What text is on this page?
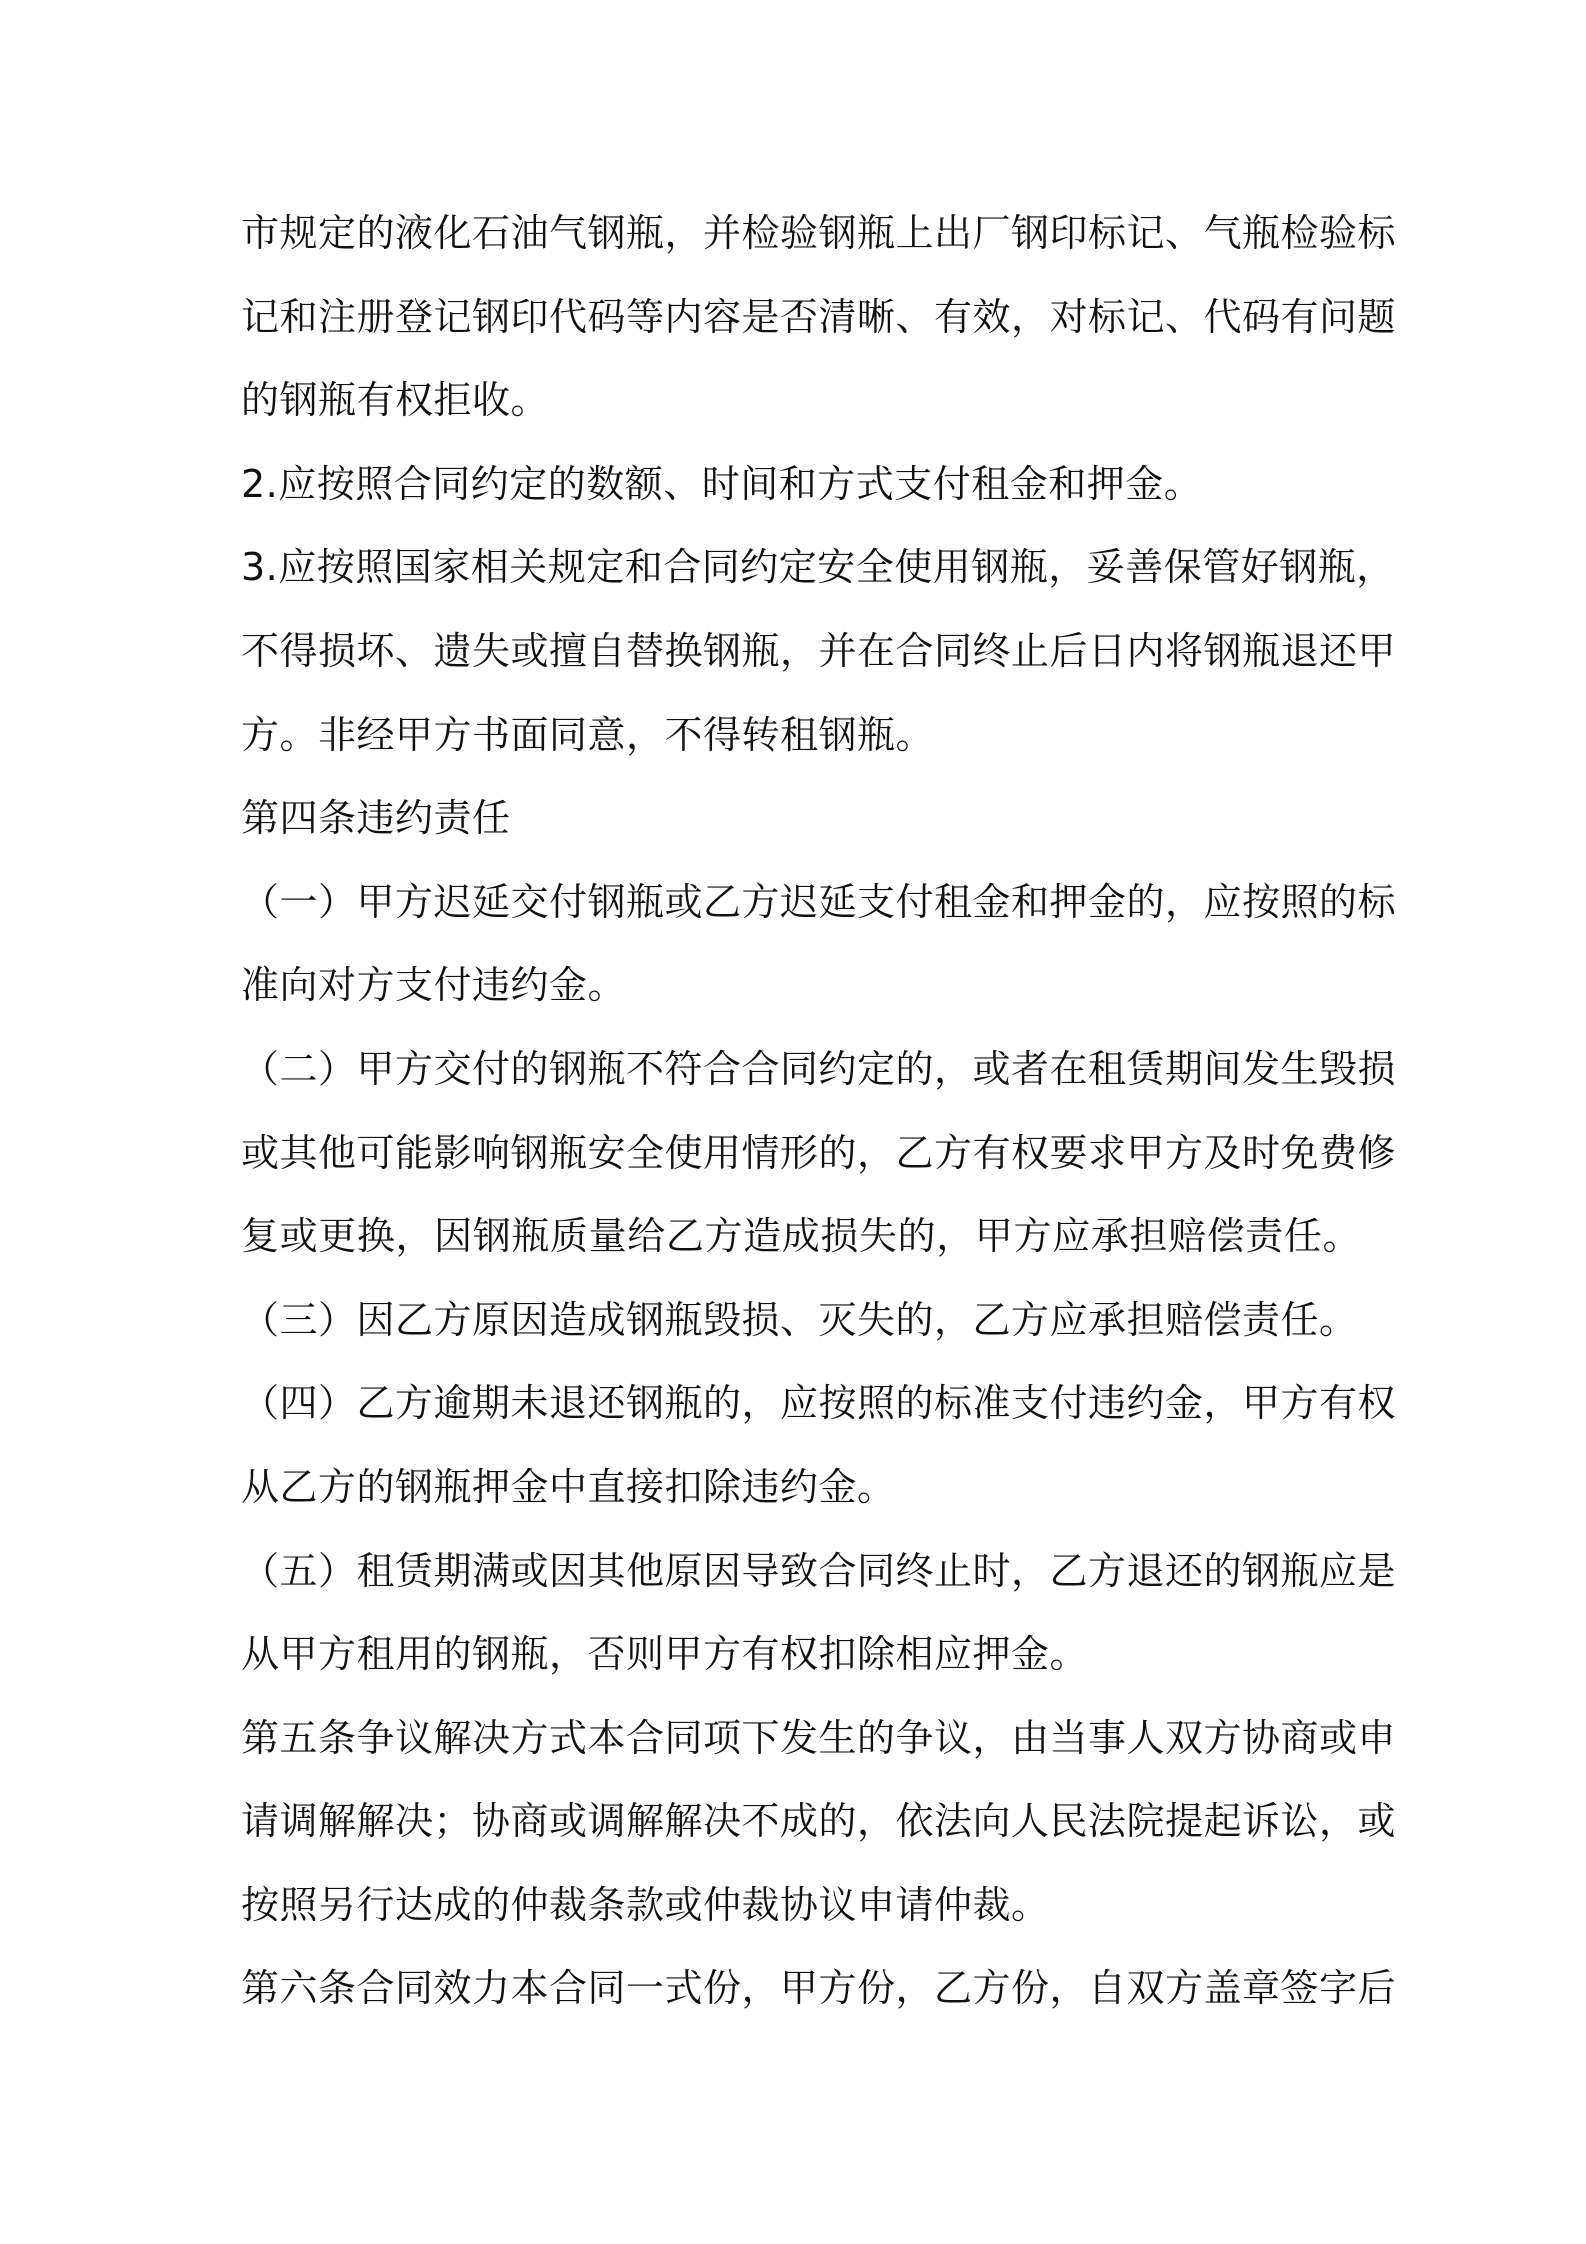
市规定的液化石油气钢瓶，并检验钢瓶上出厂钢印标记、气瓶检验标
记和注册登记钢印代码等内容是否清晰、有效，对标记、代码有问题
的钢瓶有权拒收。
2.应按照合同约定的数额、时间和方式支付租金和押金。
3.应按照国家相关规定和合同约定安全使用钢瓶，妥善保管好钢瓶，
不得损坏、遗失或擅自替换钢瓶，并在合同终止后日内将钢瓶退还甲
方。非经甲方书面同意，不得转租钢瓶。
第四条违约责任
（一）甲方迟延交付钢瓶或乙方迟延支付租金和押金的，应按照的标
准向对方支付违约金。
（二）甲方交付的钢瓶不符合合同约定的，或者在租赁期间发生毁损
或其他可能影响钢瓶安全使用情形的，乙方有权要求甲方及时免费修
复或更换，因钢瓶质量给乙方造成损失的，甲方应承担赔偿责任。
（三）因乙方原因造成钢瓶毁损、灭失的，乙方应承担赔偿责任。
（四）乙方逾期未退还钢瓶的，应按照的标准支付违约金，甲方有权
从乙方的钢瓶押金中直接扣除违约金。
（五）租赁期满或因其他原因导致合同终止时，乙方退还的钢瓶应是
从甲方租用的钢瓶，否则甲方有权扣除相应押金。
第五条争议解决方式本合同项下发生的争议，由当事人双方协商或申
请调解解决；协商或调解解决不成的，依法向人民法院提起诉讼，或
按照另行达成的仲裁条款或仲裁协议申请仲裁。
第六条合同效力本合同一式份，甲方份，乙方份，自双方盖章签字后
